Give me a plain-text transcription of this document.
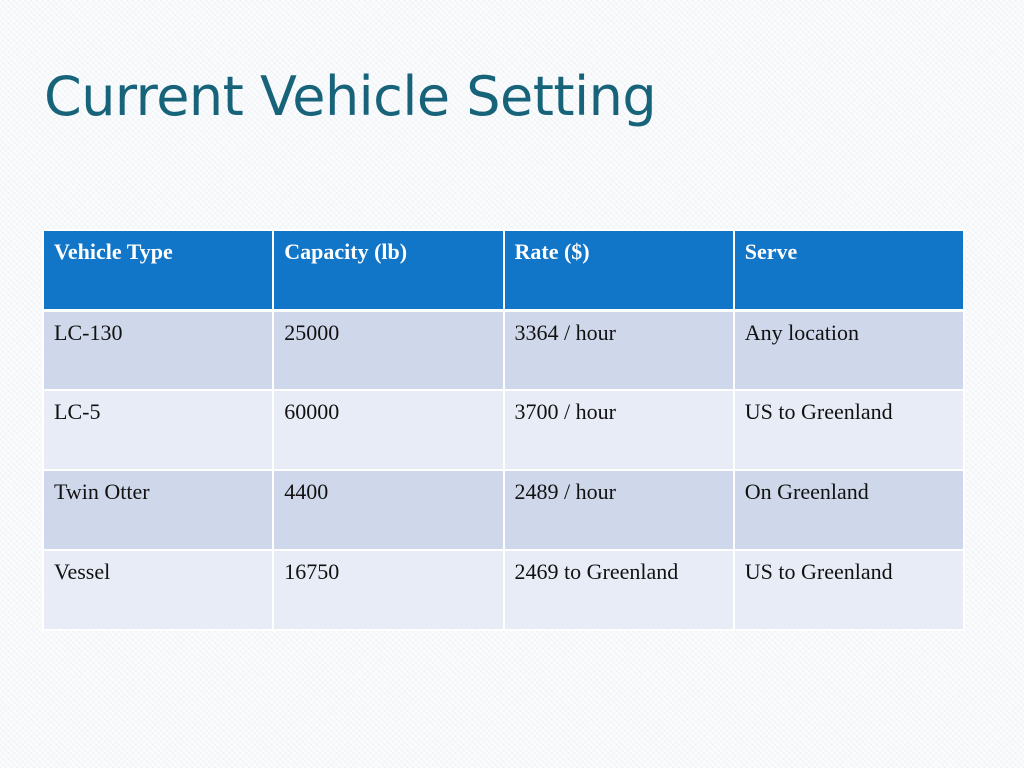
Current Vehicle Setting
Vehicle Type	Capacity (lb)	Rate ($)	Serve
LC-130	25000	3364 / hour	Any location
LC-5	60000	3700 / hour	US to Greenland
Twin Otter	4400	2489 / hour	On Greenland
Vessel	16750	2469 to Greenland	US to Greenland
